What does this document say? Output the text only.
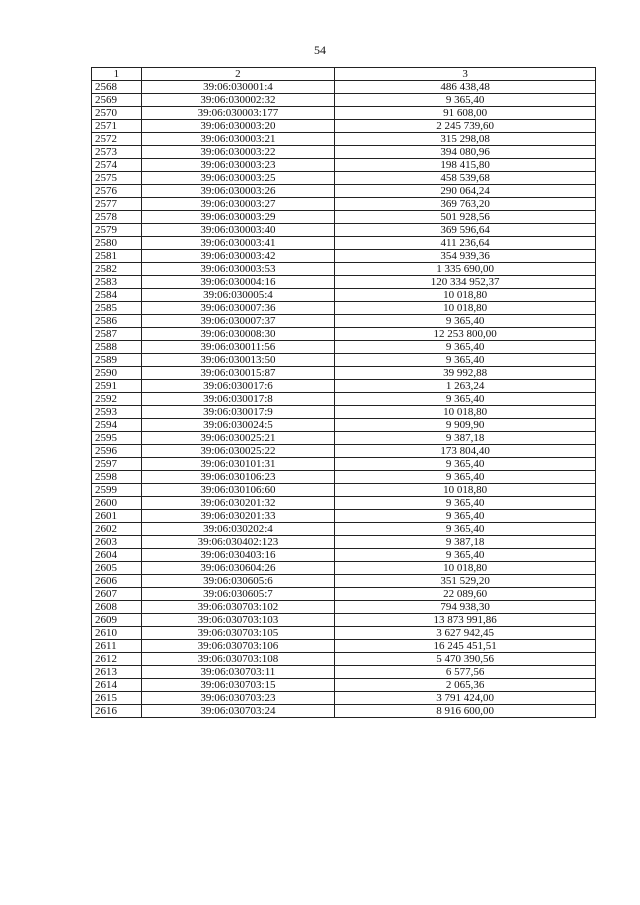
54
1	2	3
2568	39:06:030001:4	486 438,48
2569	39:06:030002:32	9 365,40
2570	39:06:030003:177	91 608,00
2571	39:06:030003:20	2 245 739,60
2572	39:06:030003:21	315 298,08
2573	39:06:030003:22	394 080,96
2574	39:06:030003:23	198 415,80
2575	39:06:030003:25	458 539,68
2576	39:06:030003:26	290 064,24
2577	39:06:030003:27	369 763,20
2578	39:06:030003:29	501 928,56
2579	39:06:030003:40	369 596,64
2580	39:06:030003:41	411 236,64
2581	39:06:030003:42	354 939,36
2582	39:06:030003:53	1 335 690,00
2583	39:06:030004:16	120 334 952,37
2584	39:06:030005:4	10 018,80
2585	39:06:030007:36	10 018,80
2586	39:06:030007:37	9 365,40
2587	39:06:030008:30	12 253 800,00
2588	39:06:030011:56	9 365,40
2589	39:06:030013:50	9 365,40
2590	39:06:030015:87	39 992,88
2591	39:06:030017:6	1 263,24
2592	39:06:030017:8	9 365,40
2593	39:06:030017:9	10 018,80
2594	39:06:030024:5	9 909,90
2595	39:06:030025:21	9 387,18
2596	39:06:030025:22	173 804,40
2597	39:06:030101:31	9 365,40
2598	39:06:030106:23	9 365,40
2599	39:06:030106:60	10 018,80
2600	39:06:030201:32	9 365,40
2601	39:06:030201:33	9 365,40
2602	39:06:030202:4	9 365,40
2603	39:06:030402:123	9 387,18
2604	39:06:030403:16	9 365,40
2605	39:06:030604:26	10 018,80
2606	39:06:030605:6	351 529,20
2607	39:06:030605:7	22 089,60
2608	39:06:030703:102	794 938,30
2609	39:06:030703:103	13 873 991,86
2610	39:06:030703:105	3 627 942,45
2611	39:06:030703:106	16 245 451,51
2612	39:06:030703:108	5 470 390,56
2613	39:06:030703:11	6 577,56
2614	39:06:030703:15	2 065,36
2615	39:06:030703:23	3 791 424,00
2616	39:06:030703:24	8 916 600,00
